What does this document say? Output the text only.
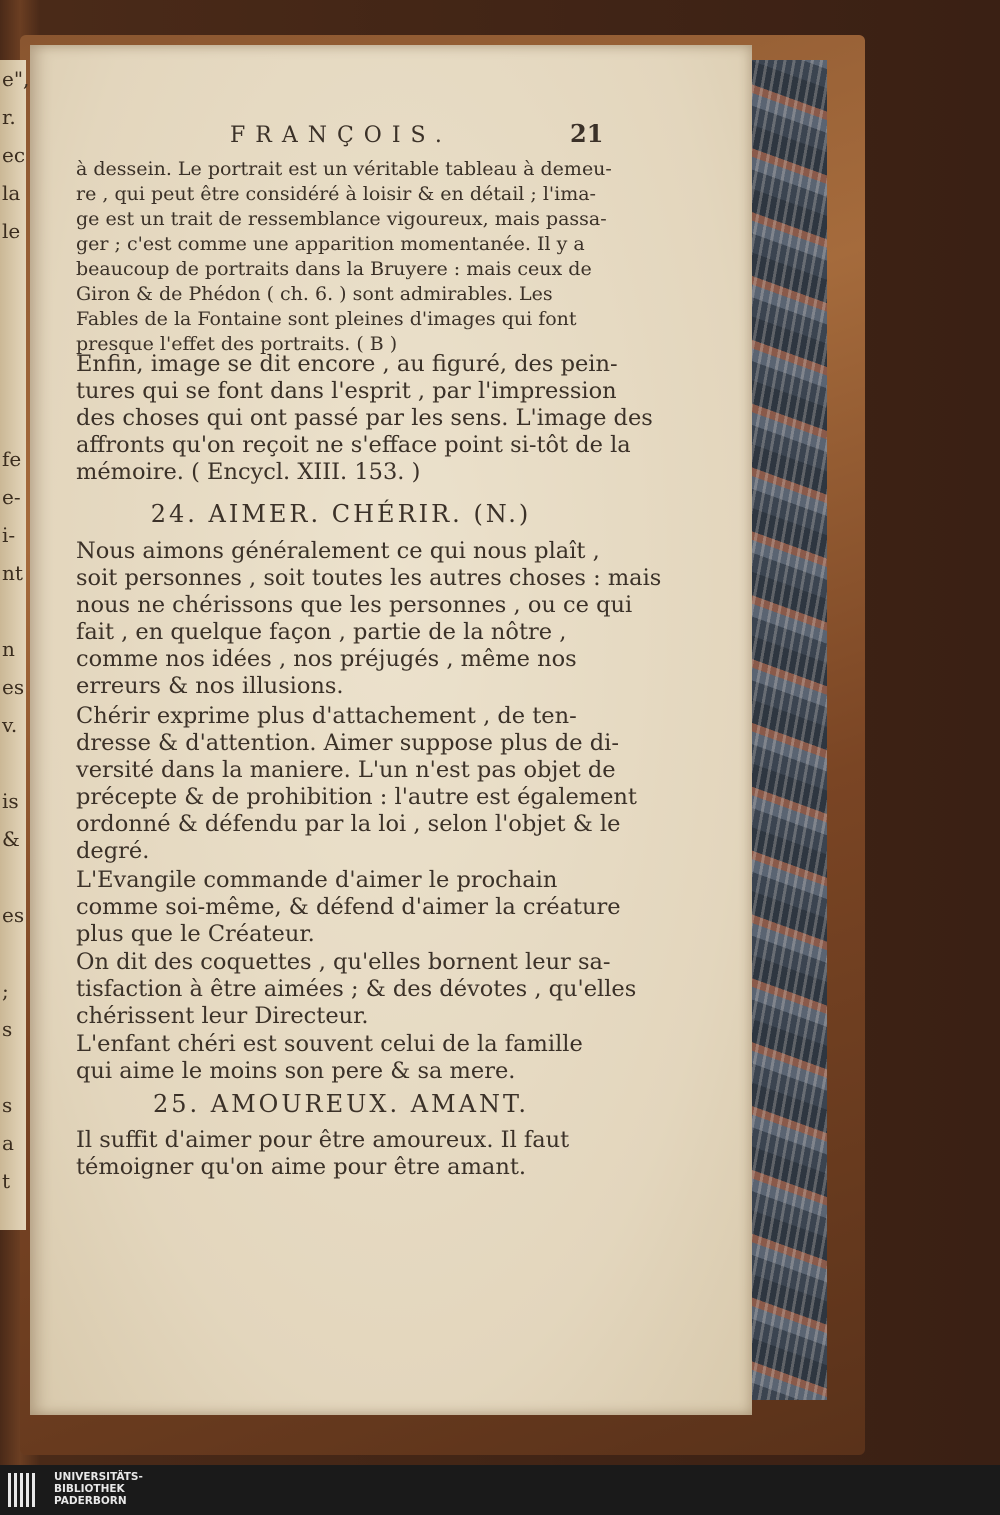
e",
r.
ec
la
le

fe
e-
i-
nt

n
es
v.

is
&

es

;
s

s
a
t

FRANÇOIS.	21
à dessein. Le portrait est un véritable tableau à demeu-
re , qui peut être considéré à loisir & en détail ; l'ima-
ge est un trait de ressemblance vigoureux, mais passa-
ger ; c'est comme une apparition momentanée. Il y a
beaucoup de portraits dans la Bruyere : mais ceux de
Giron & de Phédon ( ch. 6. ) sont admirables. Les
Fables de la Fontaine sont pleines d'images qui font
presque l'effet des portraits. ( B )
Enfin, image se dit encore , au figuré, des pein-
tures qui se font dans l'esprit , par l'impression
des choses qui ont passé par les sens. L'image des
affronts qu'on reçoit ne s'efface point si-tôt de la
mémoire. ( Encycl. XIII. 153. )
24. AIMER. CHÉRIR. (N.)
Nous aimons généralement ce qui nous plaît ,
soit personnes , soit toutes les autres choses : mais
nous ne chérissons que les personnes , ou ce qui
fait , en quelque façon , partie de la nôtre ,
comme nos idées , nos préjugés , même nos
erreurs & nos illusions.
Chérir exprime plus d'attachement , de ten-
dresse & d'attention. Aimer suppose plus de di-
versité dans la maniere. L'un n'est pas objet de
précepte & de prohibition : l'autre est également
ordonné & défendu par la loi , selon l'objet & le
degré.
L'Evangile commande d'aimer le prochain
comme soi-même, & défend d'aimer la créature
plus que le Créateur.
On dit des coquettes , qu'elles bornent leur sa-
tisfaction à être aimées ; & des dévotes , qu'elles
chérissent leur Directeur.
L'enfant chéri est souvent celui de la famille
qui aime le moins son pere & sa mere.
25. AMOUREUX. AMANT.
Il suffit d'aimer pour être amoureux. Il faut
témoigner qu'on aime pour être amant.
UNIVERSITÄTS-
BIBLIOTHEK
PADERBORN
